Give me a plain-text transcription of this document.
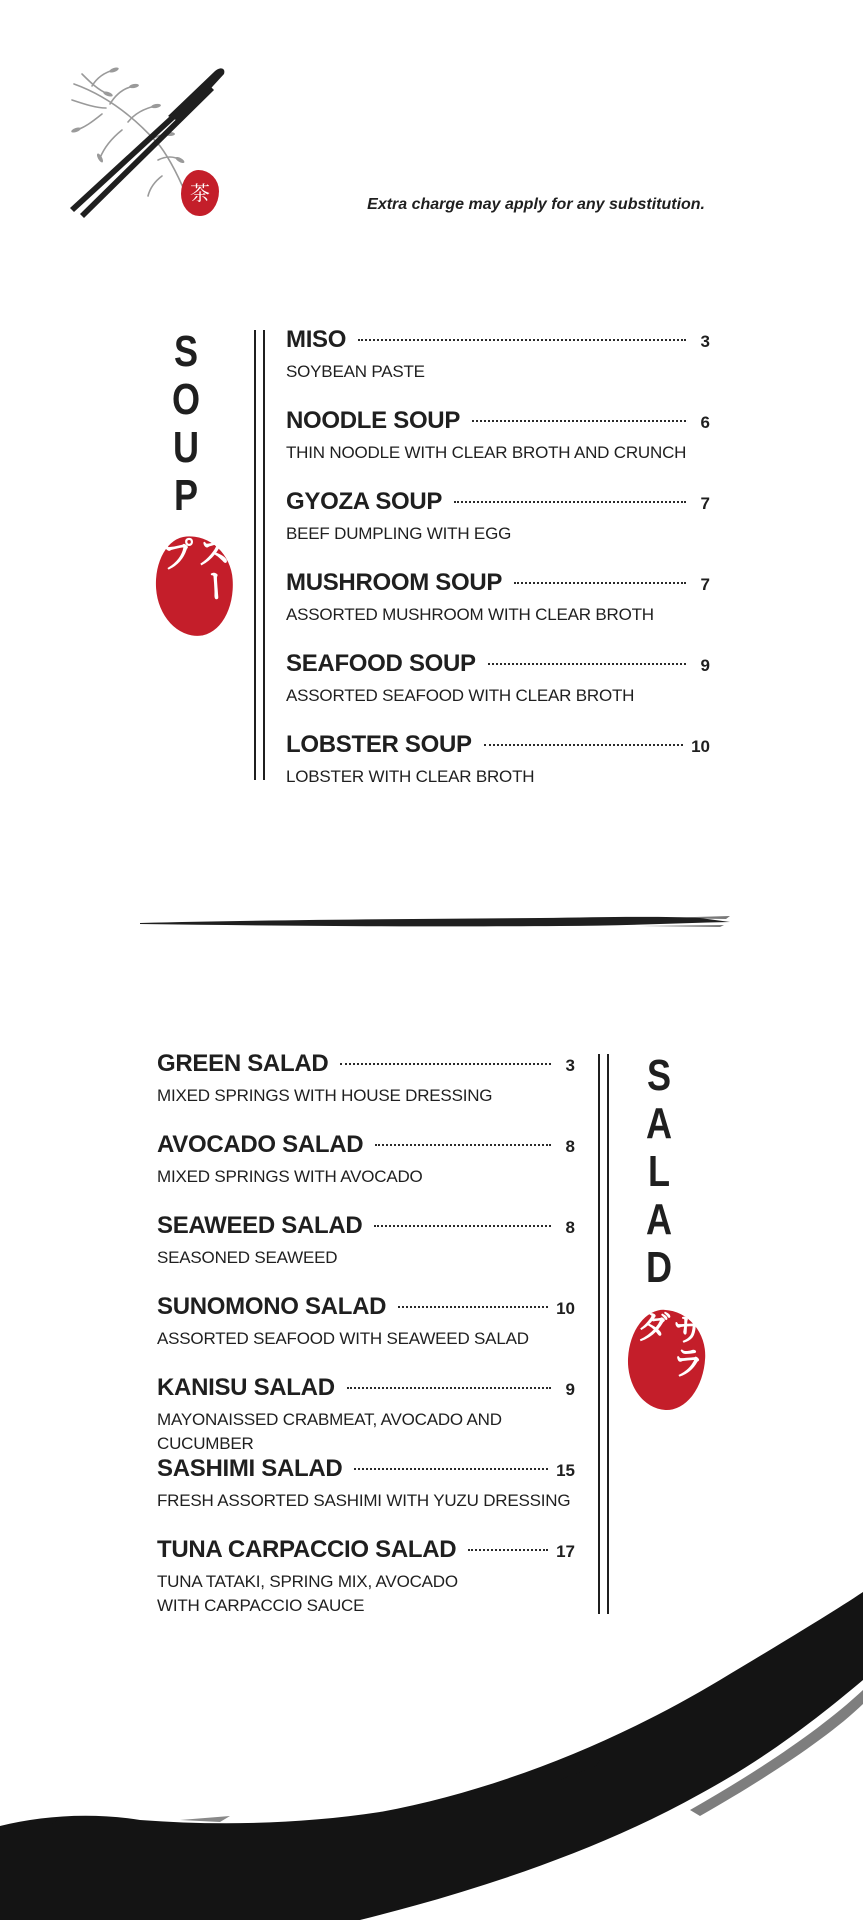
茶	Extra charge may apply for any substitution.
S
O
U
P
スープ
MISO	3
SOYBEAN PASTE
NOODLE SOUP	6
THIN NOODLE WITH CLEAR BROTH AND CRUNCH
GYOZA SOUP	7
BEEF DUMPLING WITH EGG
MUSHROOM SOUP	7
ASSORTED MUSHROOM WITH CLEAR BROTH
SEAFOOD SOUP	9
ASSORTED SEAFOOD WITH CLEAR BROTH
LOBSTER SOUP	10
LOBSTER WITH CLEAR BROTH
GREEN SALAD	3
MIXED SPRINGS WITH HOUSE DRESSING
AVOCADO SALAD	8
MIXED SPRINGS WITH AVOCADO
SEAWEED SALAD	8
SEASONED SEAWEED
SUNOMONO SALAD	10
ASSORTED SEAFOOD WITH SEAWEED SALAD
KANISU SALAD	9
MAYONAISSED CRABMEAT, AVOCADO AND CUCUMBER
SASHIMI SALAD	15
FRESH ASSORTED SASHIMI WITH YUZU DRESSING
TUNA CARPACCIO SALAD	17
TUNA TATAKI, SPRING MIX, AVOCADO WITH CARPACCIO SAUCE
S
A
L
A
D
サラダ
